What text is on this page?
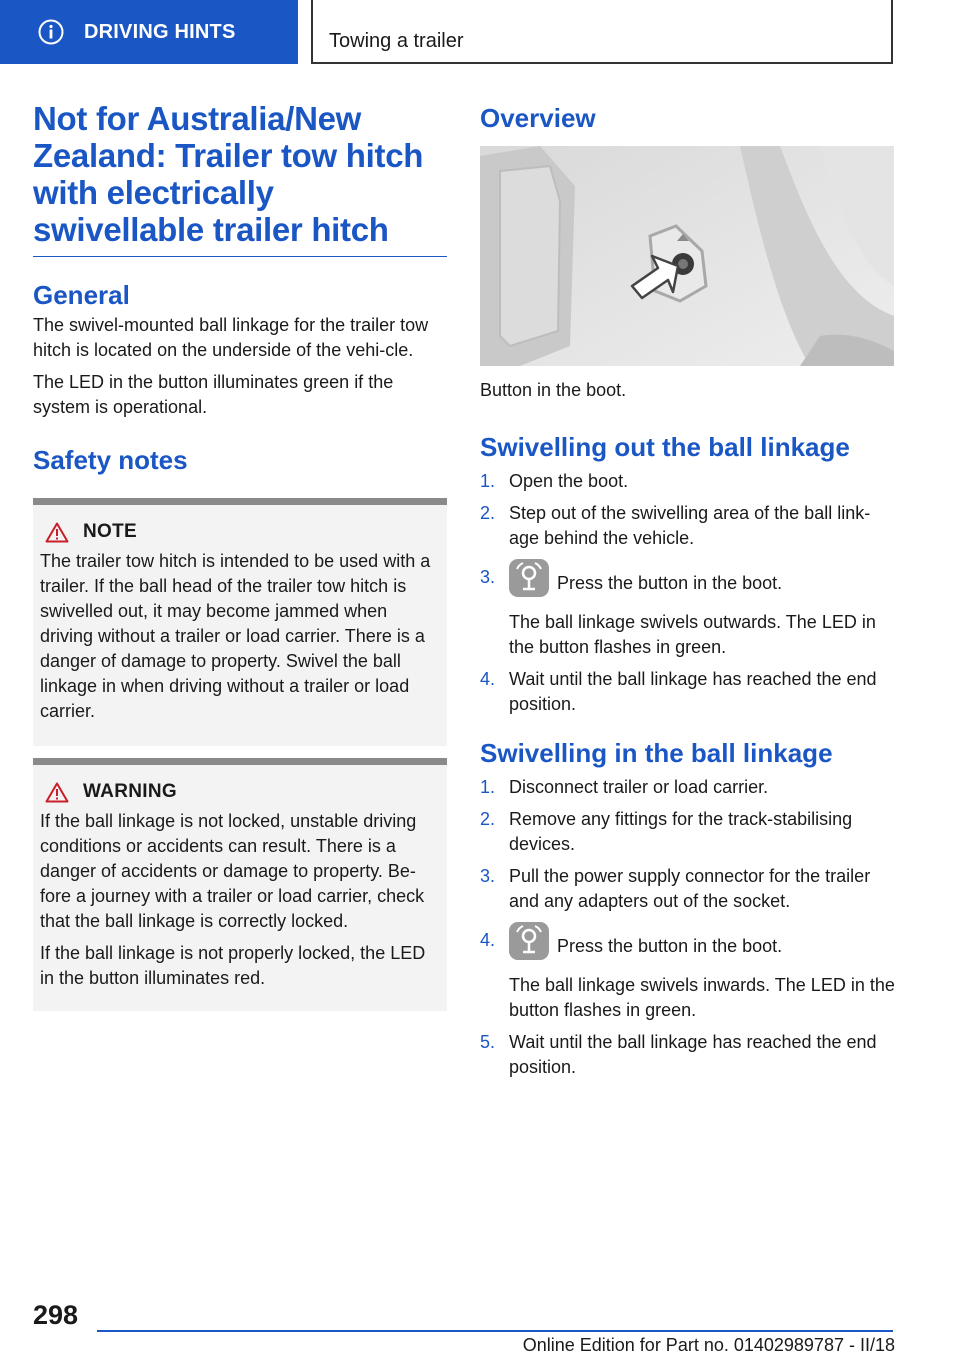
DRIVING HINTS	Towing a trailer
Not for Australia/New Zealand: Trailer tow hitch with electrically swivellable trailer hitch
General

The swivel-mounted ball linkage for the trailer tow hitch is located on the underside of the vehi‐cle.

The LED in the button illuminates green if the system is operational.

Safety notes
NOTE

The trailer tow hitch is intended to be used with a trailer. If the ball head of the trailer tow hitch is swivelled out, it may become jammed when driving without a trailer or load carrier. There is a danger of damage to property. Swivel the ball linkage in when driving without a trailer or load carrier.

WARNING

If the ball linkage is not locked, unstable driving conditions or accidents can result. There is a danger of accidents or damage to property. Be‐fore a journey with a trailer or load carrier, check that the ball linkage is correctly locked.

If the ball linkage is not properly locked, the LED in the button illuminates red.

Overview

Button in the boot.

Swivelling out the ball linkage
1. Open the boot.
2. Step out of the swivelling area of the ball link‐age behind the vehicle.
3.	Press the button in the boot.
The ball linkage swivels outwards. The LED in the button flashes in green.
4. Wait until the ball linkage has reached the end position.
Swivelling in the ball linkage
1. Disconnect trailer or load carrier.
2. Remove any fittings for the track-stabilising devices.
3. Pull the power supply connector for the trailer and any adapters out of the socket.
4.	Press the button in the boot.
The ball linkage swivels inwards. The LED in the button flashes in green.
5. Wait until the ball linkage has reached the end position.
298
Online Edition for Part no. 01402989787 - II/18
